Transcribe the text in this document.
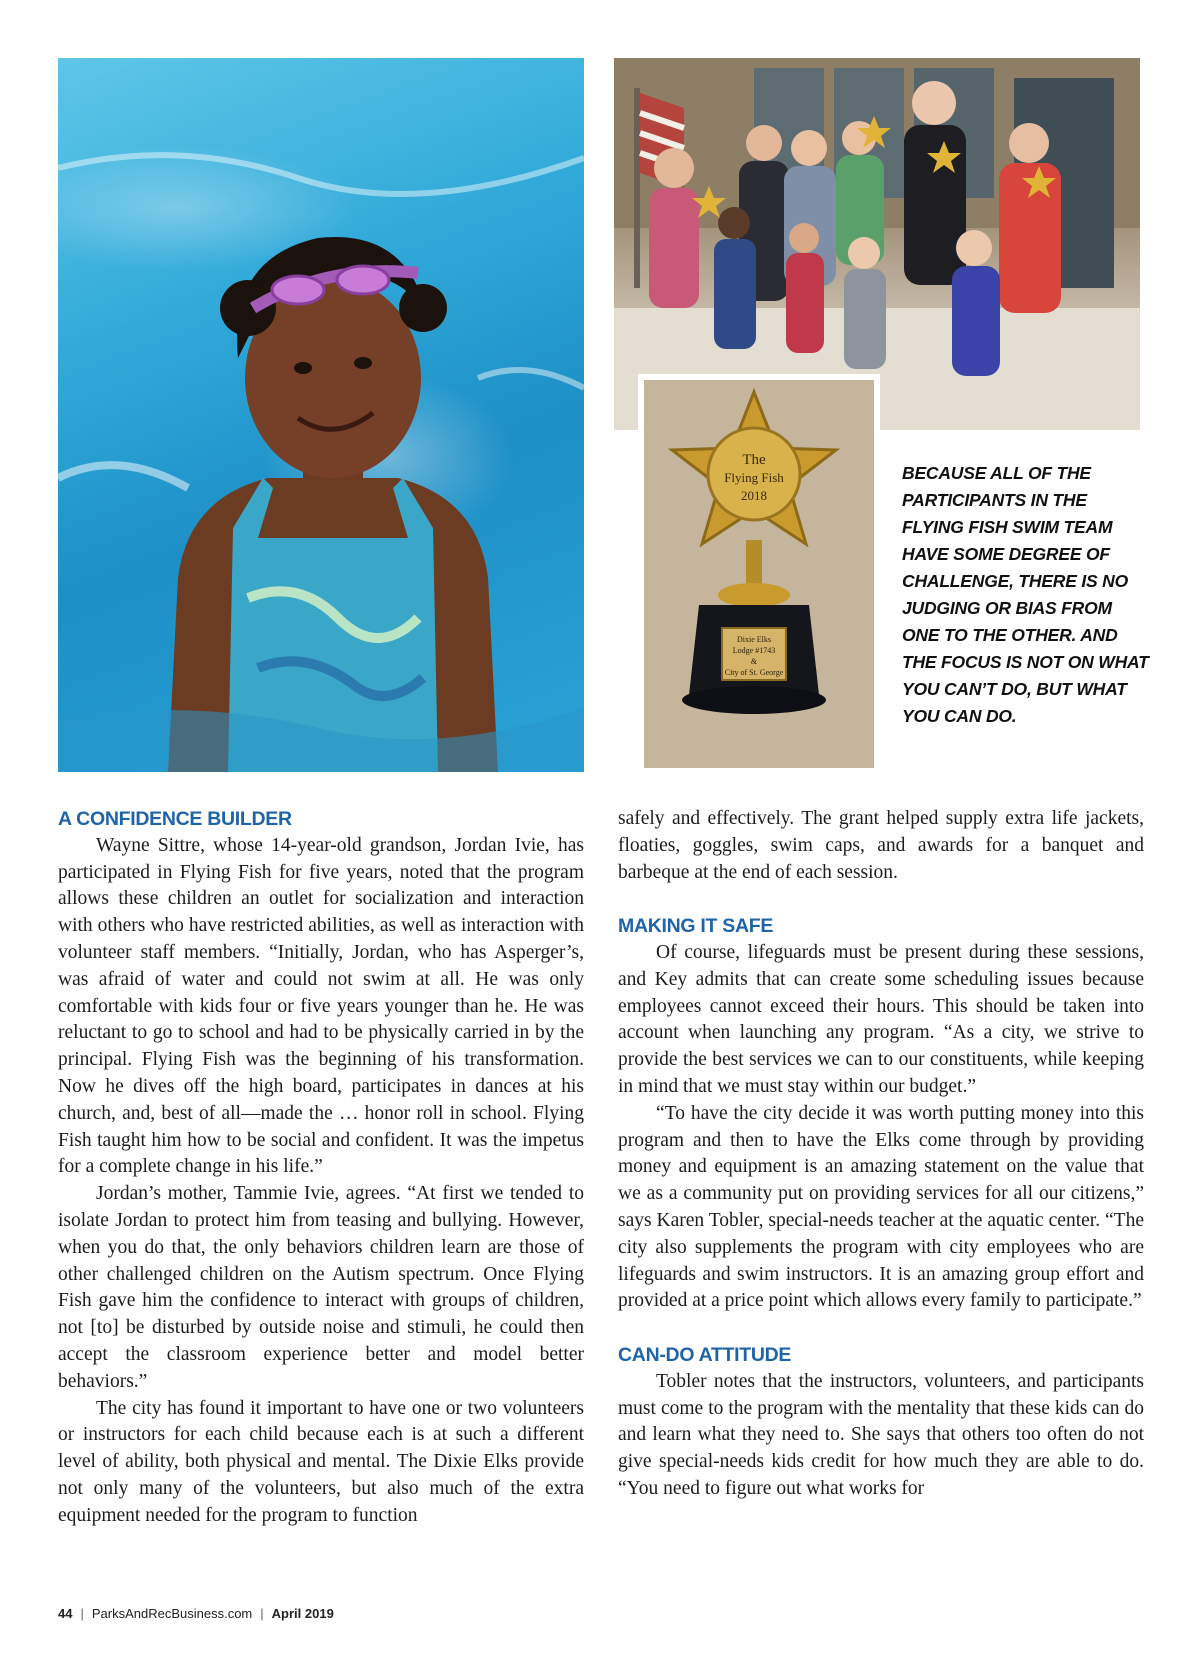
The
Flying Fish
2018
Dixie Elks
Lodge #1743
&
City of St. George
BECAUSE ALL OF THE PARTICIPANTS IN THE FLYING FISH SWIM TEAM HAVE SOME DEGREE OF CHALLENGE, THERE IS NO JUDGING OR BIAS FROM ONE TO THE OTHER. AND THE FOCUS IS NOT ON WHAT YOU CAN’T DO, BUT WHAT YOU CAN DO.
A CONFIDENCE BUILDER

Wayne Sittre, whose 14-year-old grandson, Jordan Ivie, has participated in Flying Fish for five years, noted that the program allows these children an outlet for socialization and interaction with others who have restricted abilities, as well as interaction with volunteer staff members. “Initially, Jordan, who has Asperger’s, was afraid of water and could not swim at all. He was only comfortable with kids four or five years younger than he. He was reluctant to go to school and had to be physically carried in by the principal. Flying Fish was the beginning of his transformation. Now he dives off the high board, participates in dances at his church, and, best of all—made the … honor roll in school. Flying Fish taught him how to be social and confident. It was the impetus for a complete change in his life.”

Jordan’s mother, Tammie Ivie, agrees. “At first we tended to isolate Jordan to protect him from teasing and bullying. However, when you do that, the only behaviors children learn are those of other challenged children on the Autism spectrum. Once Flying Fish gave him the confidence to interact with groups of children, not [to] be disturbed by outside noise and stimuli, he could then accept the classroom experience better and model better behaviors.”

The city has found it important to have one or two volunteers or instructors for each child because each is at such a different level of ability, both physical and mental. The Dixie Elks provide not only many of the volunteers, but also much of the extra equipment needed for the program to function

safely and effectively. The grant helped supply extra life jackets, floaties, goggles, swim caps, and awards for a banquet and barbeque at the end of each session.

MAKING IT SAFE

Of course, lifeguards must be present during these sessions, and Key admits that can create some scheduling issues because employees cannot exceed their hours. This should be taken into account when launching any program. “As a city, we strive to provide the best services we can to our constituents, while keeping in mind that we must stay within our budget.”

“To have the city decide it was worth putting money into this program and then to have the Elks come through by providing money and equipment is an amazing statement on the value that we as a community put on providing services for all our citizens,” says Karen Tobler, special-needs teacher at the aquatic center. “The city also supplements the program with city employees who are lifeguards and swim instructors. It is an amazing group effort and provided at a price point which allows every family to participate.”

CAN-DO ATTITUDE

Tobler notes that the instructors, volunteers, and participants must come to the program with the mentality that these kids can do and learn what they need to. She says that others too often do not give special-needs kids credit for how much they are able to do. “You need to figure out what works for

44 | ParksAndRecBusiness.com | April 2019
